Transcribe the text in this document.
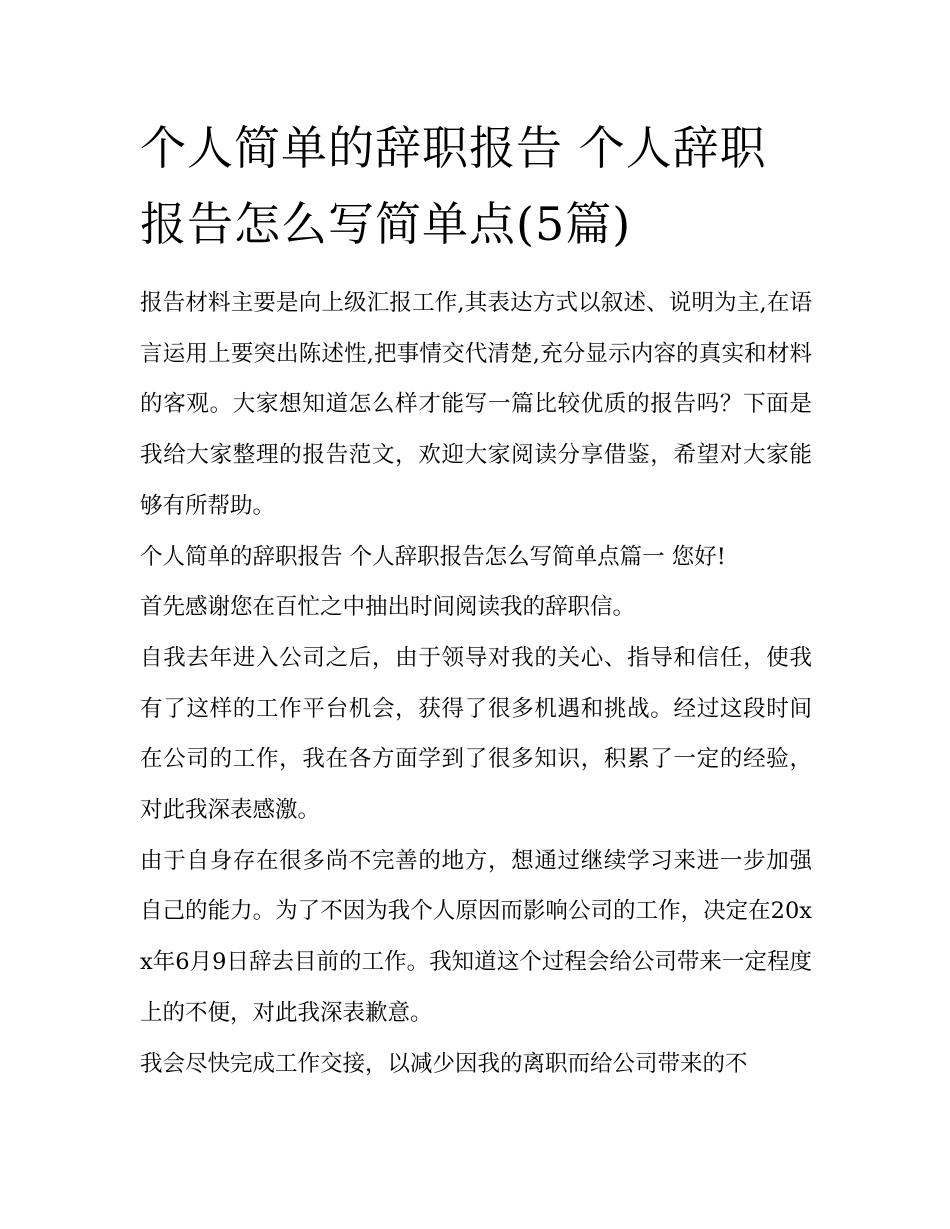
个人简单的辞职报告 个人辞职报告怎么写简单点(5篇)

报告材料主要是向上级汇报工作,其表达方式以叙述、说明为主,在语言运用上要突出陈述性,把事情交代清楚,充分显示内容的真实和材料的客观。大家想知道怎么样才能写一篇比较优质的报告吗？下面是我给大家整理的报告范文，欢迎大家阅读分享借鉴，希望对大家能够有所帮助。

个人简单的辞职报告 个人辞职报告怎么写简单点篇一 您好!

首先感谢您在百忙之中抽出时间阅读我的辞职信。

自我去年进入公司之后，由于领导对我的关心、指导和信任，使我有了这样的工作平台机会，获得了很多机遇和挑战。经过这段时间在公司的工作，我在各方面学到了很多知识，积累了一定的经验，对此我深表感激。

由于自身存在很多尚不完善的地方，想通过继续学习来进一步加强自己的能力。为了不因为我个人原因而影响公司的工作，决定在20xx年6月9日辞去目前的工作。我知道这个过程会给公司带来一定程度上的不便，对此我深表歉意。

我会尽快完成工作交接，以减少因我的离职而给公司带来的不
